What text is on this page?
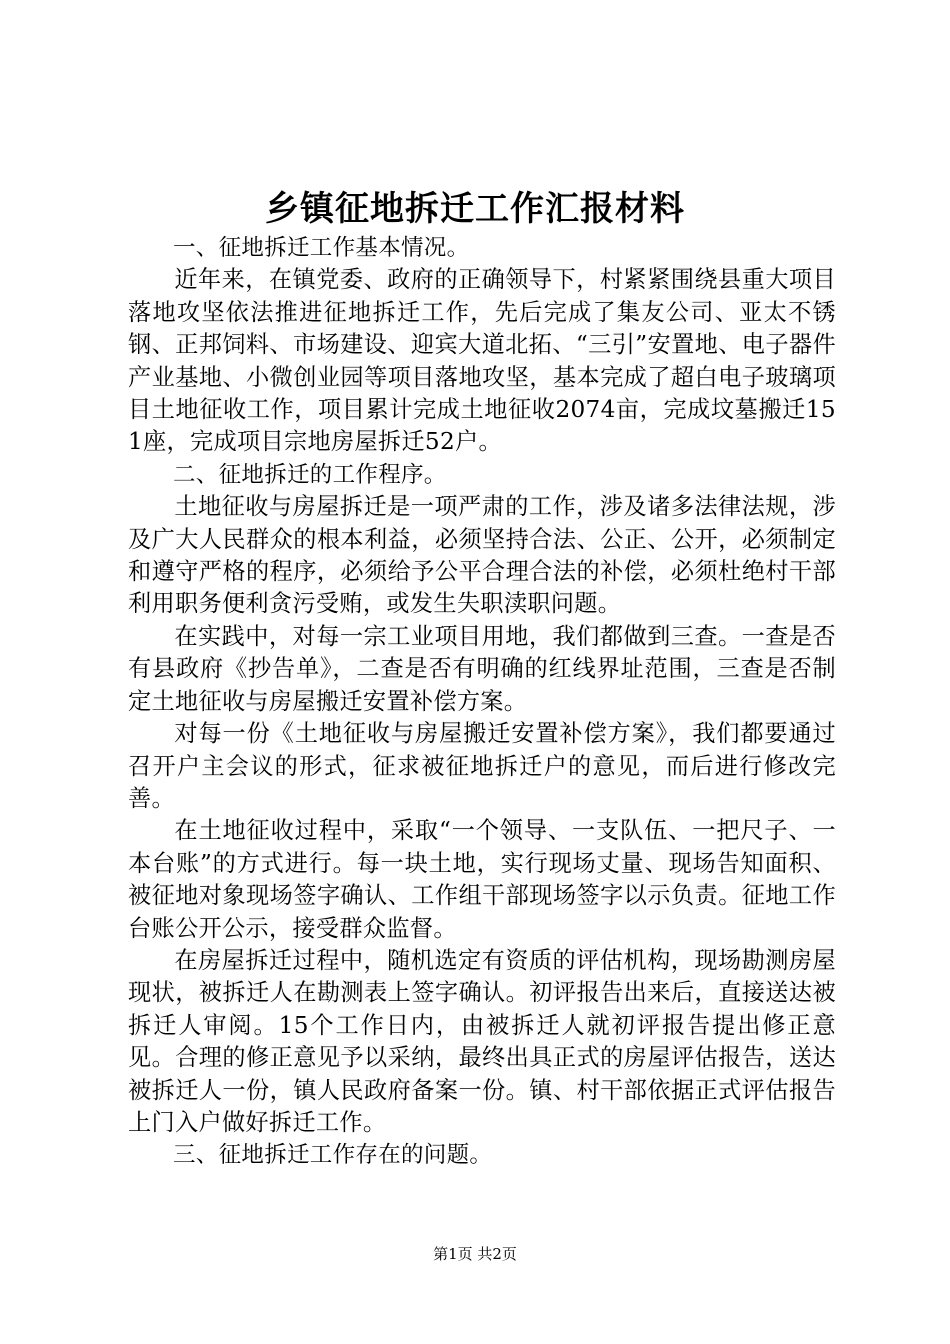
乡镇征地拆迁工作汇报材料
一、征地拆迁工作基本情况。

近年来，在镇党委、政府的正确领导下，村紧紧围绕县重大项目落地攻坚依法推进征地拆迁工作，先后完成了集友公司、亚太不锈钢、正邦饲料、市场建设、迎宾大道北拓、“三引”安置地、电子器件产业基地、小微创业园等项目落地攻坚，基本完成了超白电子玻璃项目土地征收工作，项目累计完成土地征收2074亩，完成坟墓搬迁151座，完成项目宗地房屋拆迁52户。

二、征地拆迁的工作程序。

土地征收与房屋拆迁是一项严肃的工作，涉及诸多法律法规，涉及广大人民群众的根本利益，必须坚持合法、公正、公开，必须制定和遵守严格的程序，必须给予公平合理合法的补偿，必须杜绝村干部利用职务便利贪污受贿，或发生失职渎职问题。

在实践中，对每一宗工业项目用地，我们都做到三查。一查是否有县政府《抄告单》，二查是否有明确的红线界址范围，三查是否制定土地征收与房屋搬迁安置补偿方案。

对每一份《土地征收与房屋搬迁安置补偿方案》，我们都要通过召开户主会议的形式，征求被征地拆迁户的意见，而后进行修改完善。

在土地征收过程中，采取“一个领导、一支队伍、一把尺子、一本台账”的方式进行。每一块土地，实行现场丈量、现场告知面积、被征地对象现场签字确认、工作组干部现场签字以示负责。征地工作台账公开公示，接受群众监督。

在房屋拆迁过程中，随机选定有资质的评估机构，现场勘测房屋现状，被拆迁人在勘测表上签字确认。初评报告出来后，直接送达被拆迁人审阅。15个工作日内，由被拆迁人就初评报告提出修正意见。合理的修正意见予以采纳，最终出具正式的房屋评估报告，送达被拆迁人一份，镇人民政府备案一份。镇、村干部依据正式评估报告上门入户做好拆迁工作。

三、征地拆迁工作存在的问题。
第1页 共2页
